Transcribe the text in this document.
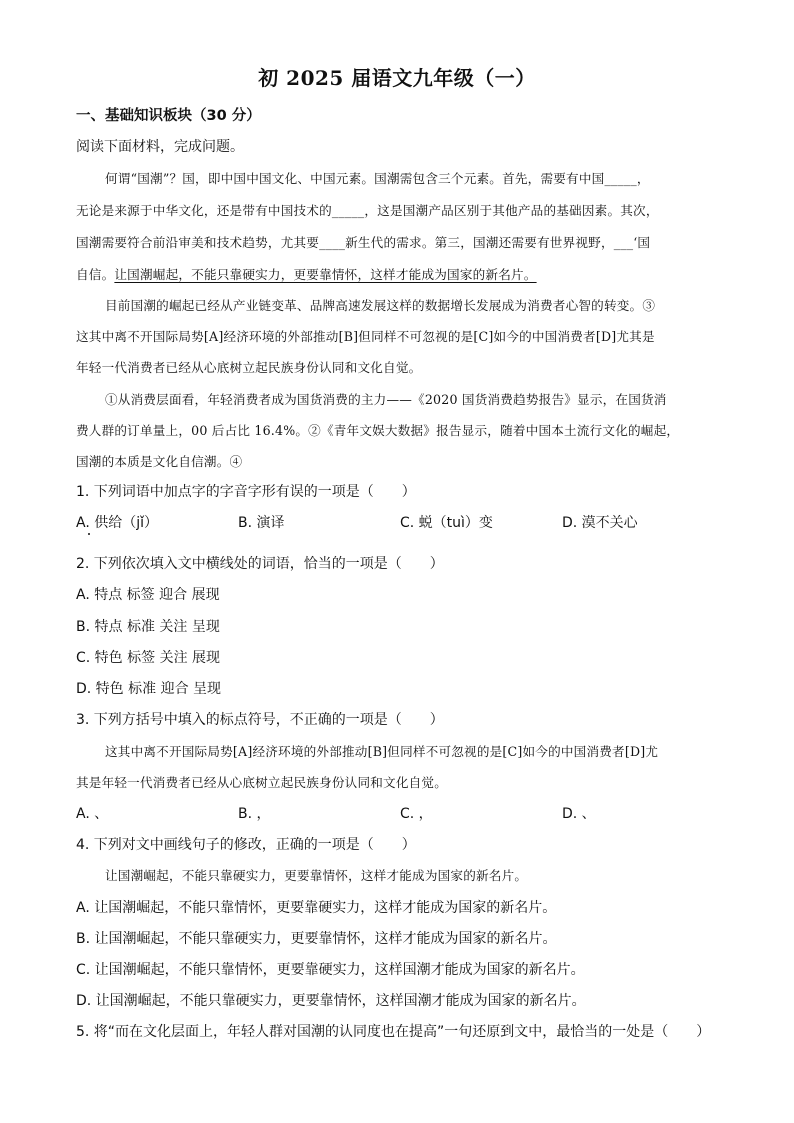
初 2025 届语文九年级（一）
一、基础知识板块（30 分）
阅读下面材料，完成问题。
何谓“国潮”？国，即中国中国文化、中国元素。国潮需包含三个元素。首先，需要有中国_____，
无论是来源于中华文化，还是带有中国技术的_____，这是国潮产品区别于其他产品的基础因素。其次，
国潮需要符合前沿审美和技术趋势，尤其要____新生代的需求。第三，国潮还需要有世界视野，___‘国
自信。让国潮崛起，不能只靠硬实力，更要靠情怀，这样才能成为国家的新名片。
目前国潮的崛起已经从产业链变革、品牌高速发展这样的数据增长发展成为消费者心智的转变。③
这其中离不开国际局势[A]经济环境的外部推动[B]但同样不可忽视的是[C]如今的中国消费者[D]尤其是
年轻一代消费者已经从心底树立起民族身份认同和文化自觉。
①从消费层面看，年轻消费者成为国货消费的主力——《2020 国货消费趋势报告》显示，在国货消
费人群的订单量上，00 后占比 16.4%。②《青年文娱大数据》报告显示，随着中国本土流行文化的崛起，
国潮的本质是文化自信潮。④
1. 下列词语中加点字的字音字形有误的一项是（　　）
A. 供给（jǐ）	B. 演译	C. 蜕（tuì）变	D. 漠不关心
2. 下列依次填入文中横线处的词语，恰当的一项是（　　）
A. 特点 标签 迎合 展现
B. 特点 标准 关注 呈现
C. 特色 标签 关注 展现
D. 特色 标准 迎合 呈现
3. 下列方括号中填入的标点符号，不正确的一项是（　　）
这其中离不开国际局势[A]经济环境的外部推动[B]但同样不可忽视的是[C]如今的中国消费者[D]尤
其是年轻一代消费者已经从心底树立起民族身份认同和文化自觉。
A. 、	B. ，	C. ，	D. 、
4. 下列对文中画线句子的修改，正确的一项是（　　）
让国潮崛起，不能只靠硬实力，更要靠情怀，这样才能成为国家的新名片。
A. 让国潮崛起，不能只靠情怀，更要靠硬实力，这样才能成为国家的新名片。
B. 让国潮崛起，不能只靠硬实力，更要靠情怀，这样才能成为国家的新名片。
C. 让国潮崛起，不能只靠情怀，更要靠硬实力，这样国潮才能成为国家的新名片。
D. 让国潮崛起，不能只靠硬实力，更要靠情怀，这样国潮才能成为国家的新名片。
5. 将“而在文化层面上，年轻人群对国潮的认同度也在提高”一句还原到文中，最恰当的一处是（　　）
